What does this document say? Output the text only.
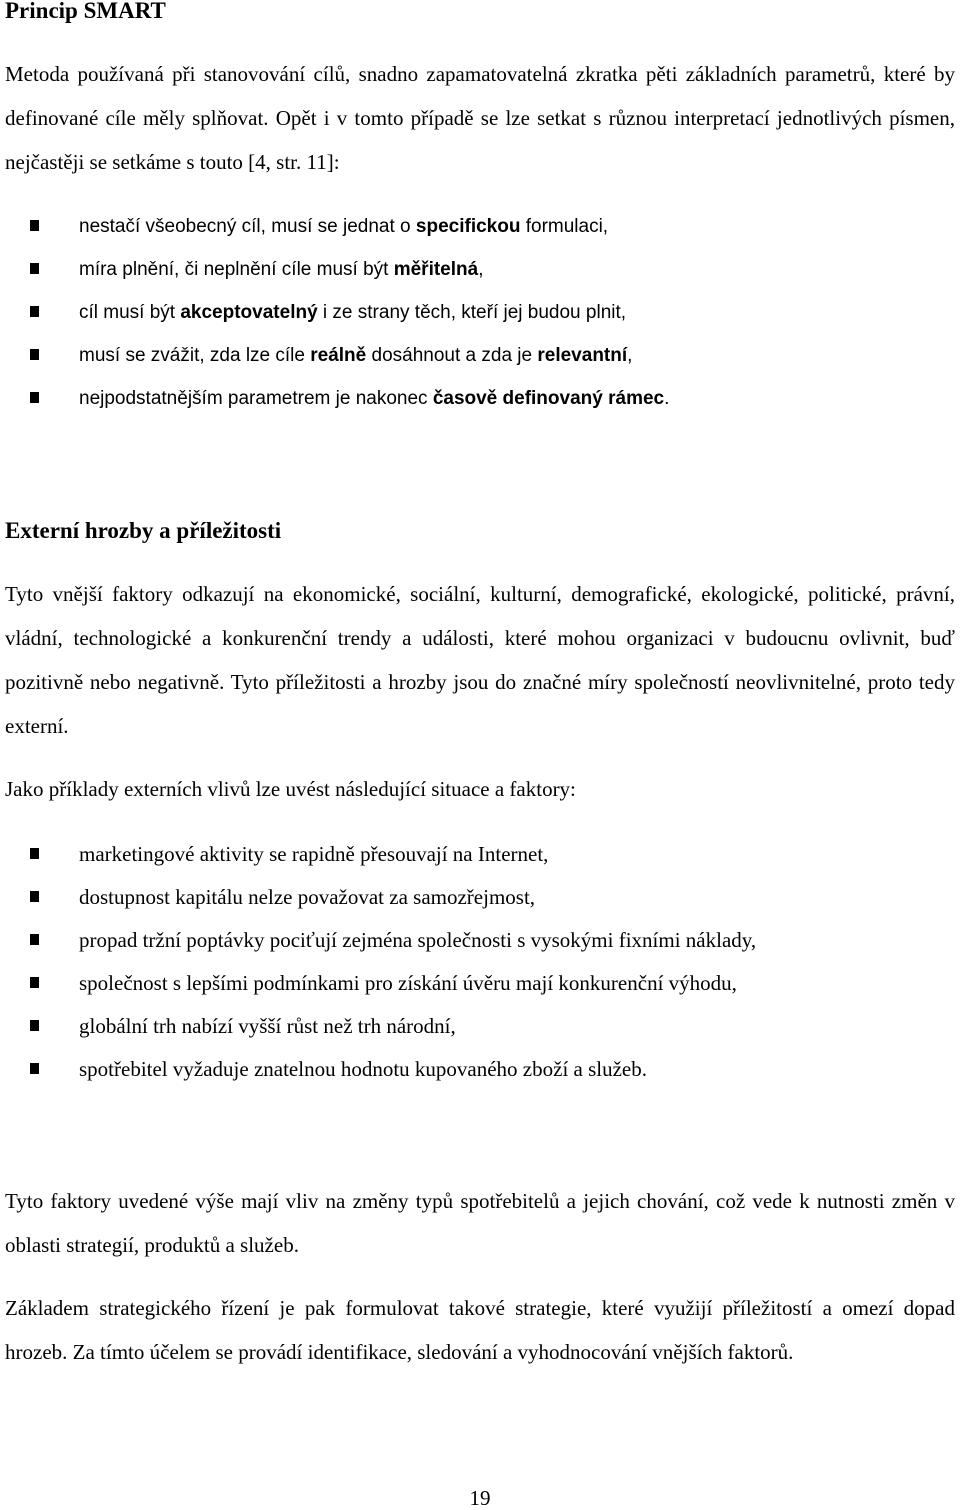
Princip SMART

Metoda používaná při stanovování cílů, snadno zapamatovatelná zkratka pěti základních parametrů, které by definované cíle měly splňovat. Opět i v tomto případě se lze setkat s různou interpretací jednotlivých písmen, nejčastěji se setkáme s touto [4, str. 11]:

nestačí všeobecný cíl, musí se jednat o specifickou formulaci,
míra plnění, či neplnění cíle musí být měřitelná,
cíl musí být akceptovatelný i ze strany těch, kteří jej budou plnit,
musí se zvážit, zda lze cíle reálně dosáhnout a zda je relevantní,
nejpodstatnějším parametrem je nakonec časově definovaný rámec.
Externí hrozby a příležitosti

Tyto vnější faktory odkazují na ekonomické, sociální, kulturní, demografické, ekologické, politické, právní, vládní, technologické a konkurenční trendy a události, které mohou organizaci v budoucnu ovlivnit, buď pozitivně nebo negativně. Tyto příležitosti a hrozby jsou do značné míry společností neovlivnitelné, proto tedy externí.

Jako příklady externích vlivů lze uvést následující situace a faktory:

marketingové aktivity se rapidně přesouvají na Internet,
dostupnost kapitálu nelze považovat za samozřejmost,
propad tržní poptávky pociťují zejména společnosti s vysokými fixními náklady,
společnost s lepšími podmínkami pro získání úvěru mají konkurenční výhodu,
globální trh nabízí vyšší růst než trh národní,
spotřebitel vyžaduje znatelnou hodnotu kupovaného zboží a služeb.

Tyto faktory uvedené výše mají vliv na změny typů spotřebitelů a jejich chování, což vede k nutnosti změn v oblasti strategií, produktů a služeb.

Základem strategického řízení je pak formulovat takové strategie, které využijí příležitostí a omezí dopad hrozeb. Za tímto účelem se provádí identifikace, sledování a vyhodnocování vnějších faktorů.

19
